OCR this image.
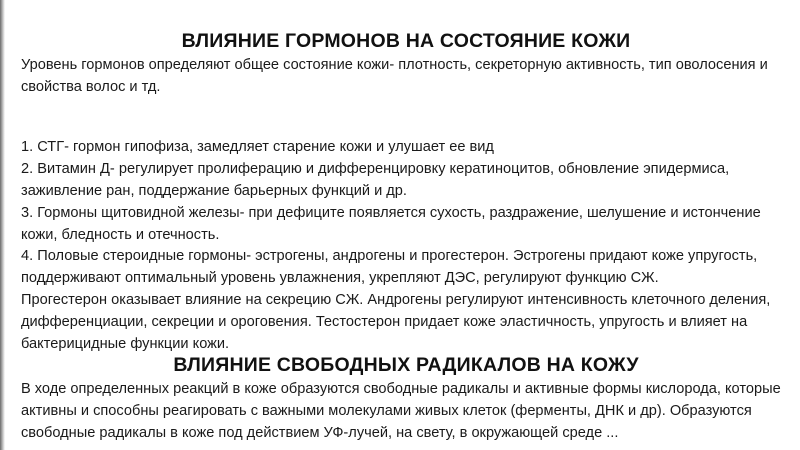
ВЛИЯНИЕ ГОРМОНОВ НА СОСТОЯНИЕ КОЖИ

Уровень гормонов определяют общее состояние кожи- плотность, секреторную активность, тип оволосения и свойства волос и тд.

1. СТГ- гормон гипофиза, замедляет старение кожи и улушает ее вид

2. Витамин Д- регулирует пролиферацию и дифференцировку кератиноцитов, обновление эпидермиса, заживление ран, поддержание барьерных функций и др.

3. Гормоны щитовидной железы- при дефиците появляется сухость, раздражение, шелушение и истончение кожи, бледность и отечность.

4. Половые стероидные гормоны- эстрогены, андрогены и прогестерон. Эстрогены придают коже упругость, поддерживают оптимальный уровень увлажнения, укрепляют ДЭС, регулируют функцию СЖ.

Прогестерон оказывает влияние на секрецию СЖ. Андрогены регулируют интенсивность клеточного деления, дифференциации, секреции и ороговения. Тестостерон придает коже эластичность, упругость и влияет на бактерицидные функции кожи.

ВЛИЯНИЕ СВОБОДНЫХ РАДИКАЛОВ НА КОЖУ

В ходе определенных реакций в коже образуются свободные радикалы и активные формы кислорода, которые активны и способны реагировать с важными молекулами живых клеток (ферменты, ДНК и др). Образуются свободные радикалы в коже под действием УФ-лучей, на свету, в окружающей среде ...
